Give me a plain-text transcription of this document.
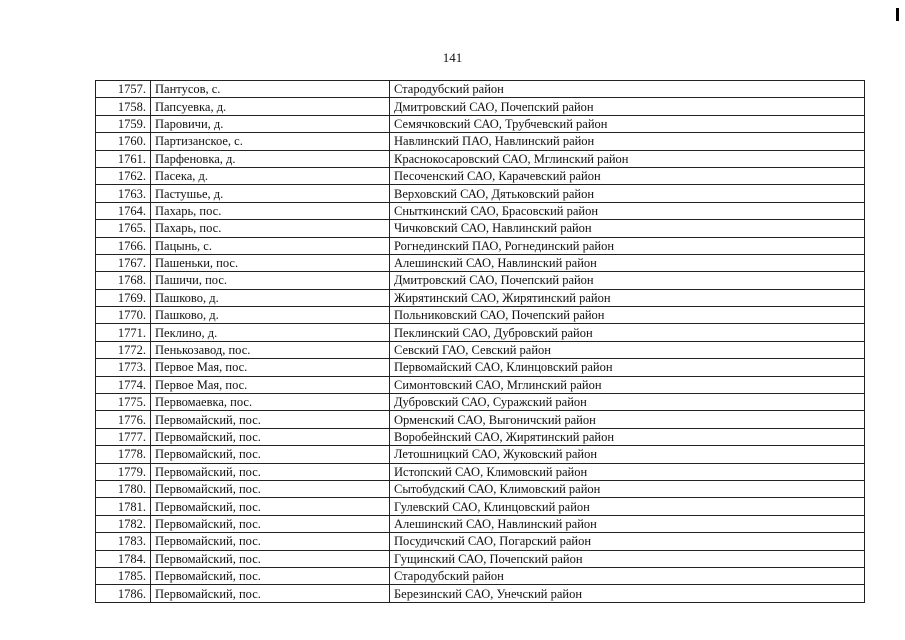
141
1757.	Пантусов, с.	Стародубский район
1758.	Папсуевка, д.	Дмитровский САО, Почепский район
1759.	Паровичи, д.	Семячковский САО, Трубчевский район
1760.	Партизанское, с.	Навлинский ПАО, Навлинский район
1761.	Парфеновка, д.	Краснокосаровский САО, Мглинский район
1762.	Пасека, д.	Песоченский САО, Карачевский район
1763.	Пастушье, д.	Верховский САО, Дятьковский район
1764.	Пахарь, пос.	Сныткинский САО, Брасовский район
1765.	Пахарь, пос.	Чичковский САО, Навлинский район
1766.	Пацынь, с.	Рогнединский ПАО, Рогнединский район
1767.	Пашеньки, пос.	Алешинский САО, Навлинский район
1768.	Пашичи, пос.	Дмитровский САО, Почепский район
1769.	Пашково, д.	Жирятинский САО, Жирятинский район
1770.	Пашково, д.	Польниковский САО, Почепский район
1771.	Пеклино, д.	Пеклинский САО, Дубровский район
1772.	Пенькозавод, пос.	Севский ГАО, Севский район
1773.	Первое Мая, пос.	Первомайский САО, Клинцовский район
1774.	Первое Мая, пос.	Симонтовский САО, Мглинский район
1775.	Первомаевка, пос.	Дубровский САО, Суражский район
1776.	Первомайский, пос.	Орменский САО, Выгоничский район
1777.	Первомайский, пос.	Воробейнский САО, Жирятинский район
1778.	Первомайский, пос.	Летошницкий САО, Жуковский район
1779.	Первомайский, пос.	Истопский САО, Климовский район
1780.	Первомайский, пос.	Сытобудский САО, Климовский район
1781.	Первомайский, пос.	Гулевский САО, Клинцовский район
1782.	Первомайский, пос.	Алешинский САО, Навлинский район
1783.	Первомайский, пос.	Посудичский САО, Погарский район
1784.	Первомайский, пос.	Гущинский САО, Почепский район
1785.	Первомайский, пос.	Стародубский район
1786.	Первомайский, пос.	Березинский САО, Унечский район
